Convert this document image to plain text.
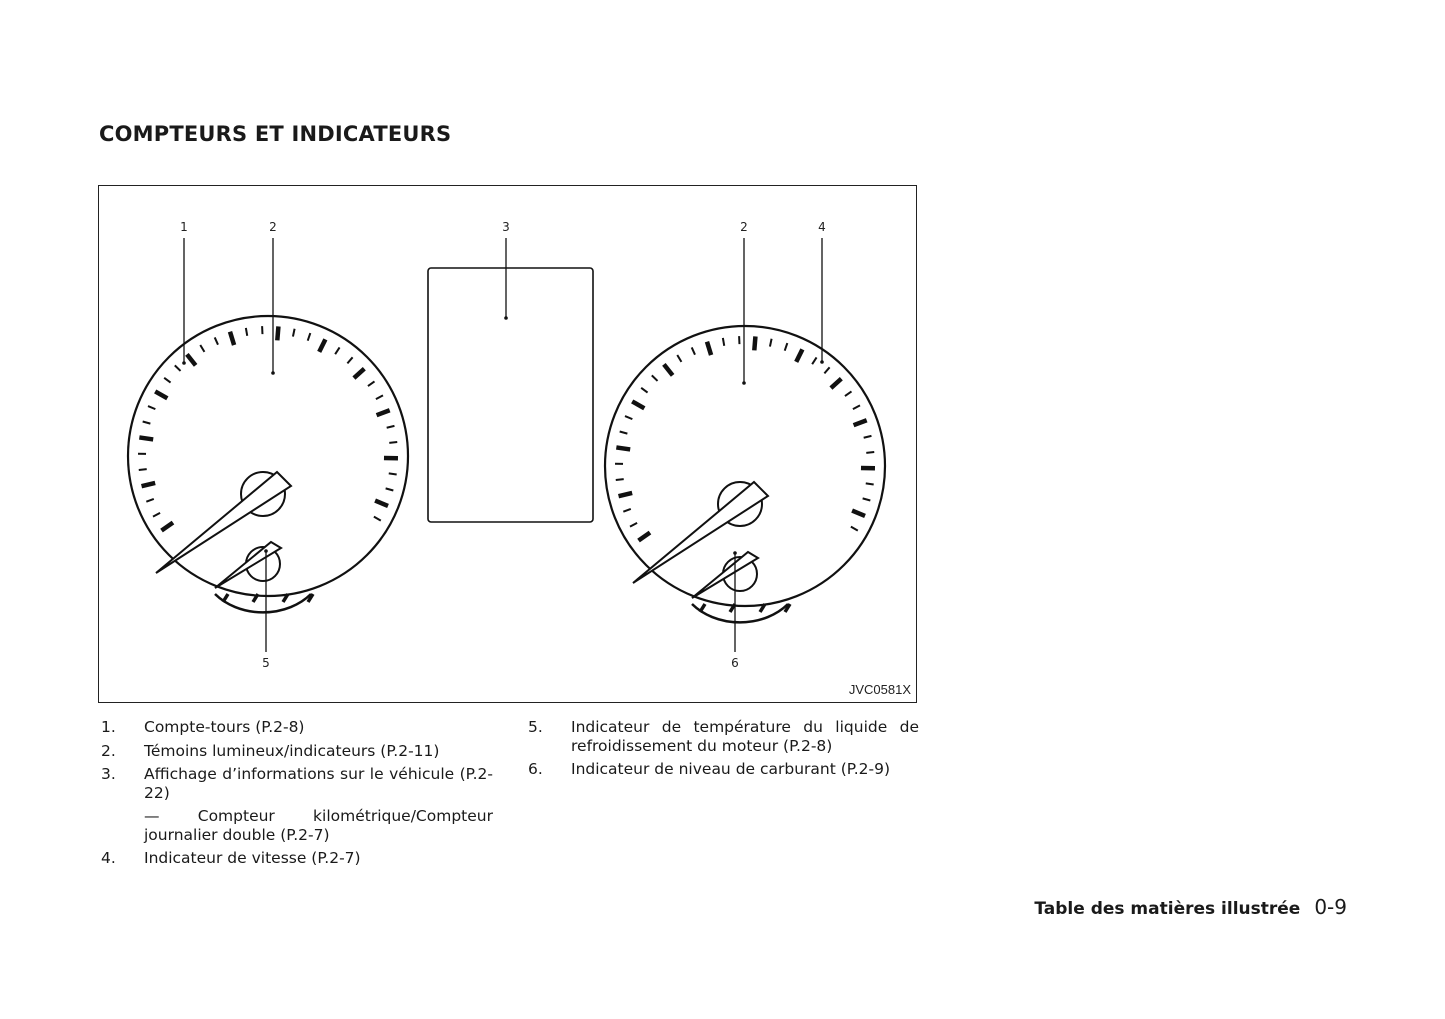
COMPTEURS ET INDICATEURS
1	2	3	2	4
5	6
JVC0581X
1. Compte-tours (P.2-8)
2. Témoins lumineux/indicateurs (P.2-11)
3. Affichage d’informations sur le véhicule (P.2-22)
— Compteur kilométrique/Compteur journalier double (P.2-7)
4. Indicateur de vitesse (P.2-7)
5. Indicateur de température du liquide de refroidissement du moteur (P.2-8)
6. Indicateur de niveau de carburant (P.2-9)
Table des matières illustrée 0-9
